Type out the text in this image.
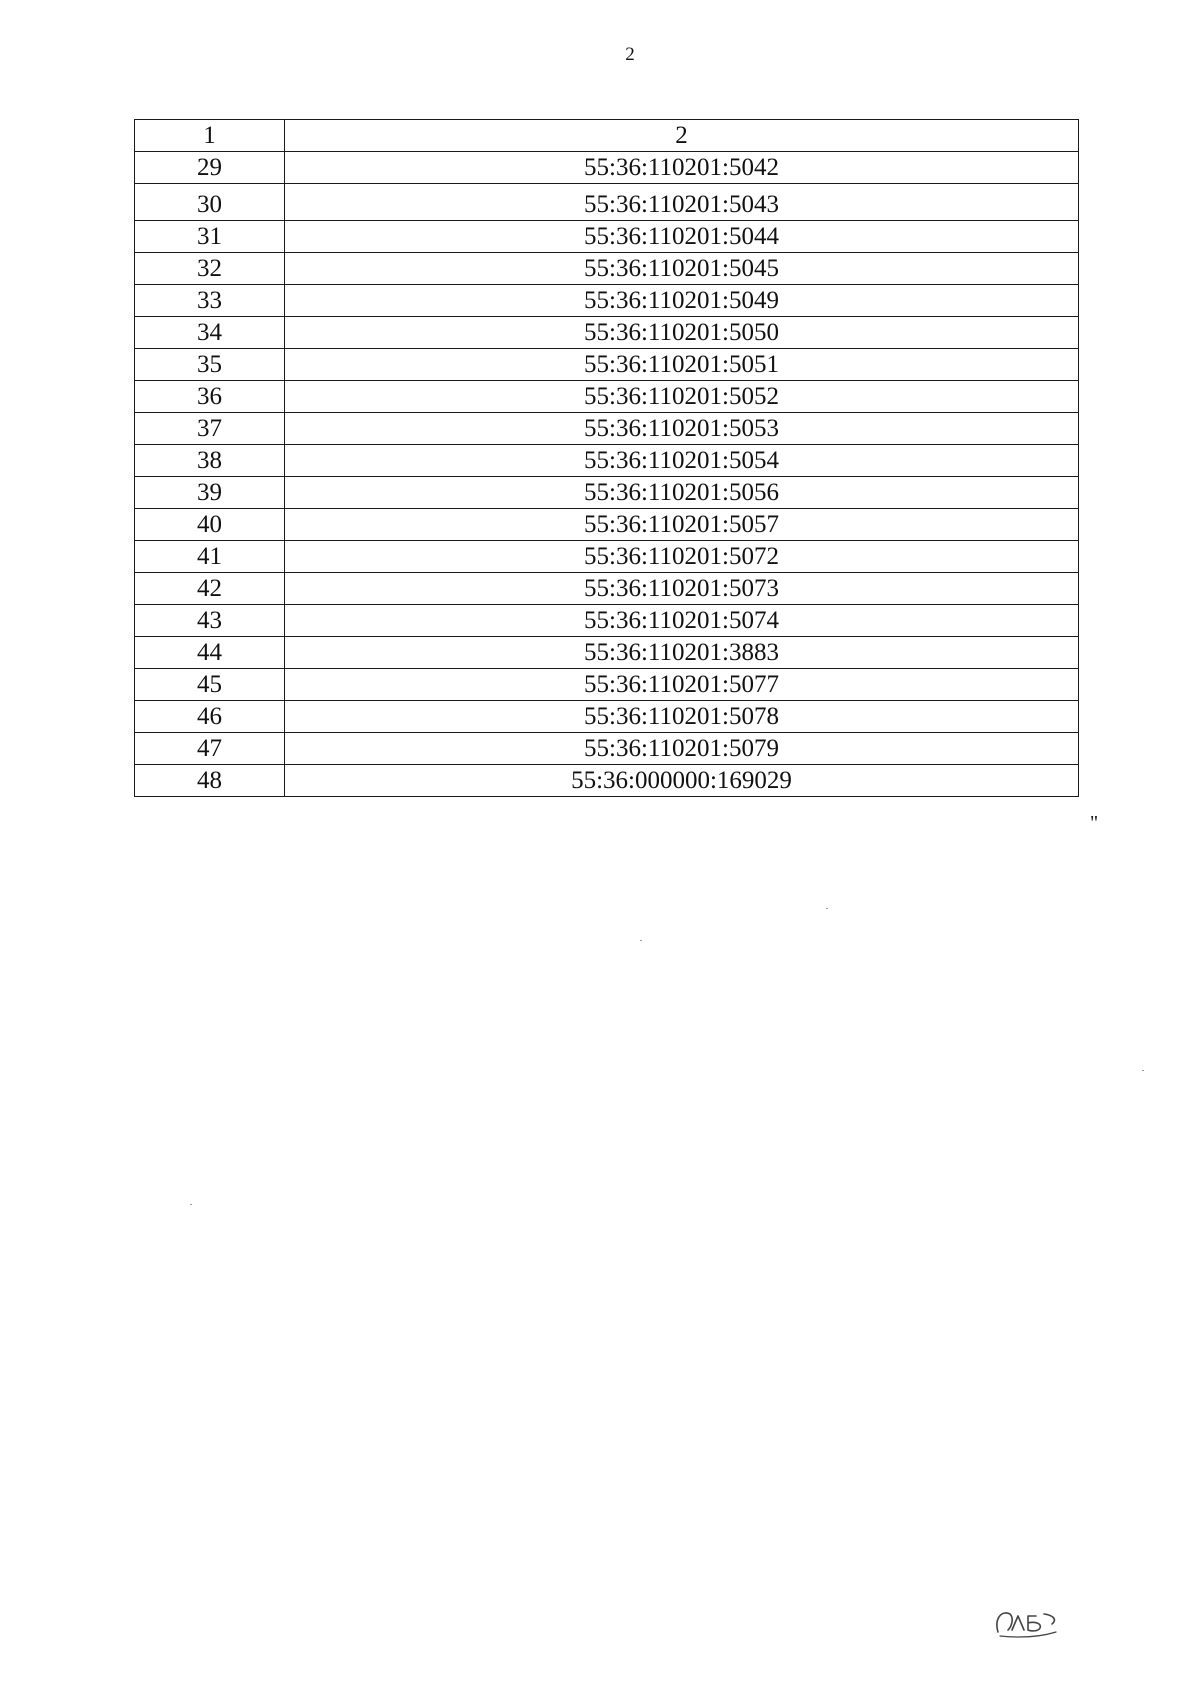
2
1	2
29	55:36:110201:5042
30	55:36:110201:5043
31	55:36:110201:5044
32	55:36:110201:5045
33	55:36:110201:5049
34	55:36:110201:5050
35	55:36:110201:5051
36	55:36:110201:5052
37	55:36:110201:5053
38	55:36:110201:5054
39	55:36:110201:5056
40	55:36:110201:5057
41	55:36:110201:5072
42	55:36:110201:5073
43	55:36:110201:5074
44	55:36:110201:3883
45	55:36:110201:5077
46	55:36:110201:5078
47	55:36:110201:5079
48	55:36:000000:169029
"
